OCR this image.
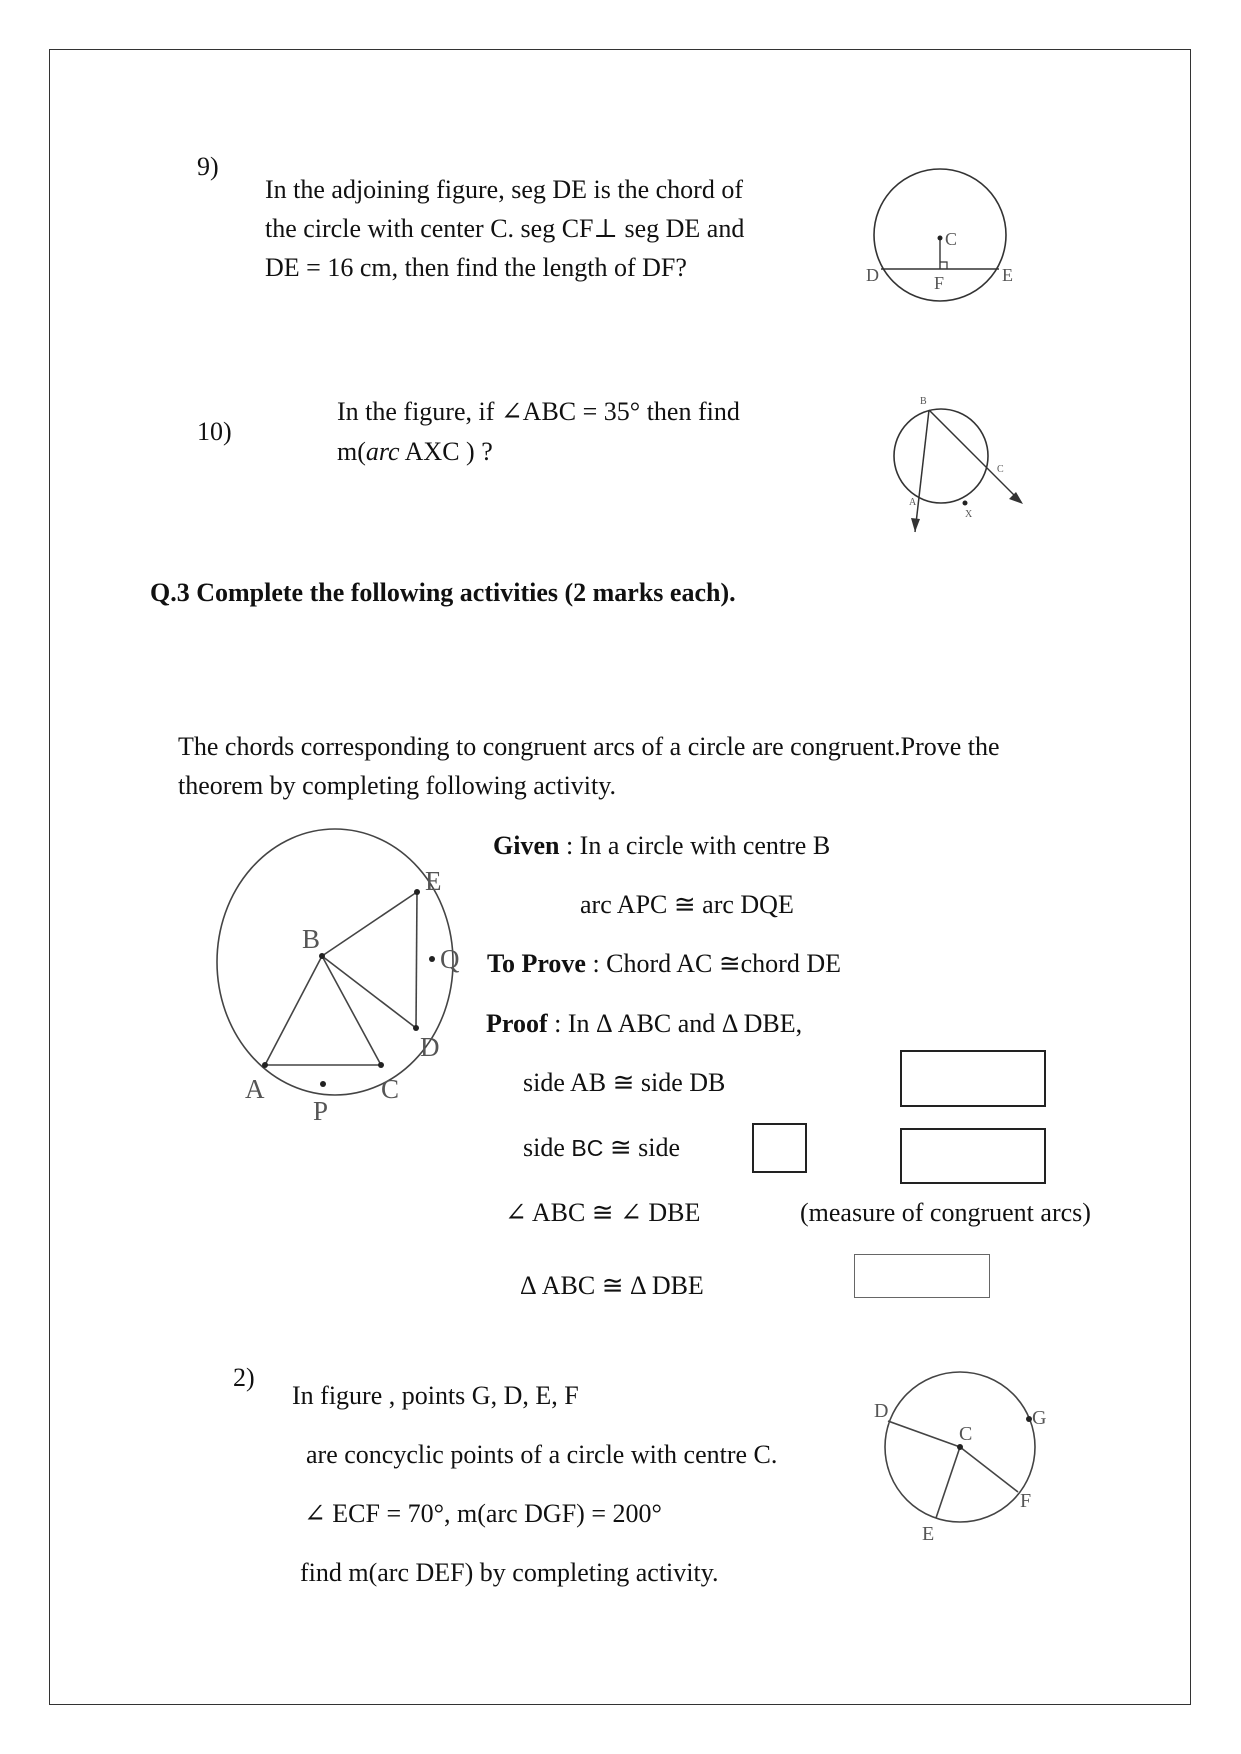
9)
In the adjoining figure, seg DE is the chord of
the circle with center C. seg CF⊥ seg DE and
DE = 16 cm, then find the length of DF?
C
D	F	E
10)
In the figure, if ∠ABC = 35° then find
m(arc AXC ) ?
B
C
A
X
Q.3 Complete the following activities (2 marks each).
The chords corresponding to congruent arcs of a circle are congruent.Prove the
theorem by completing following activity.
E
B
Q
D
A
P
C
Given : In a circle with centre B
arc APC ≅ arc DQE
To Prove : Chord AC ≅chord DE
Proof : In Δ ABC and Δ DBE,
side AB ≅ side DB
side BC ≅ side
∠ ABC ≅ ∠ DBE	(measure of congruent arcs)
Δ ABC ≅ Δ DBE
2)
In figure , points G, D, E, F
are concyclic points of a circle with centre C.
∠ ECF = 70°, m(arc DGF) = 200°
find m(arc DEF) by completing activity.
D
C
G
F
E
